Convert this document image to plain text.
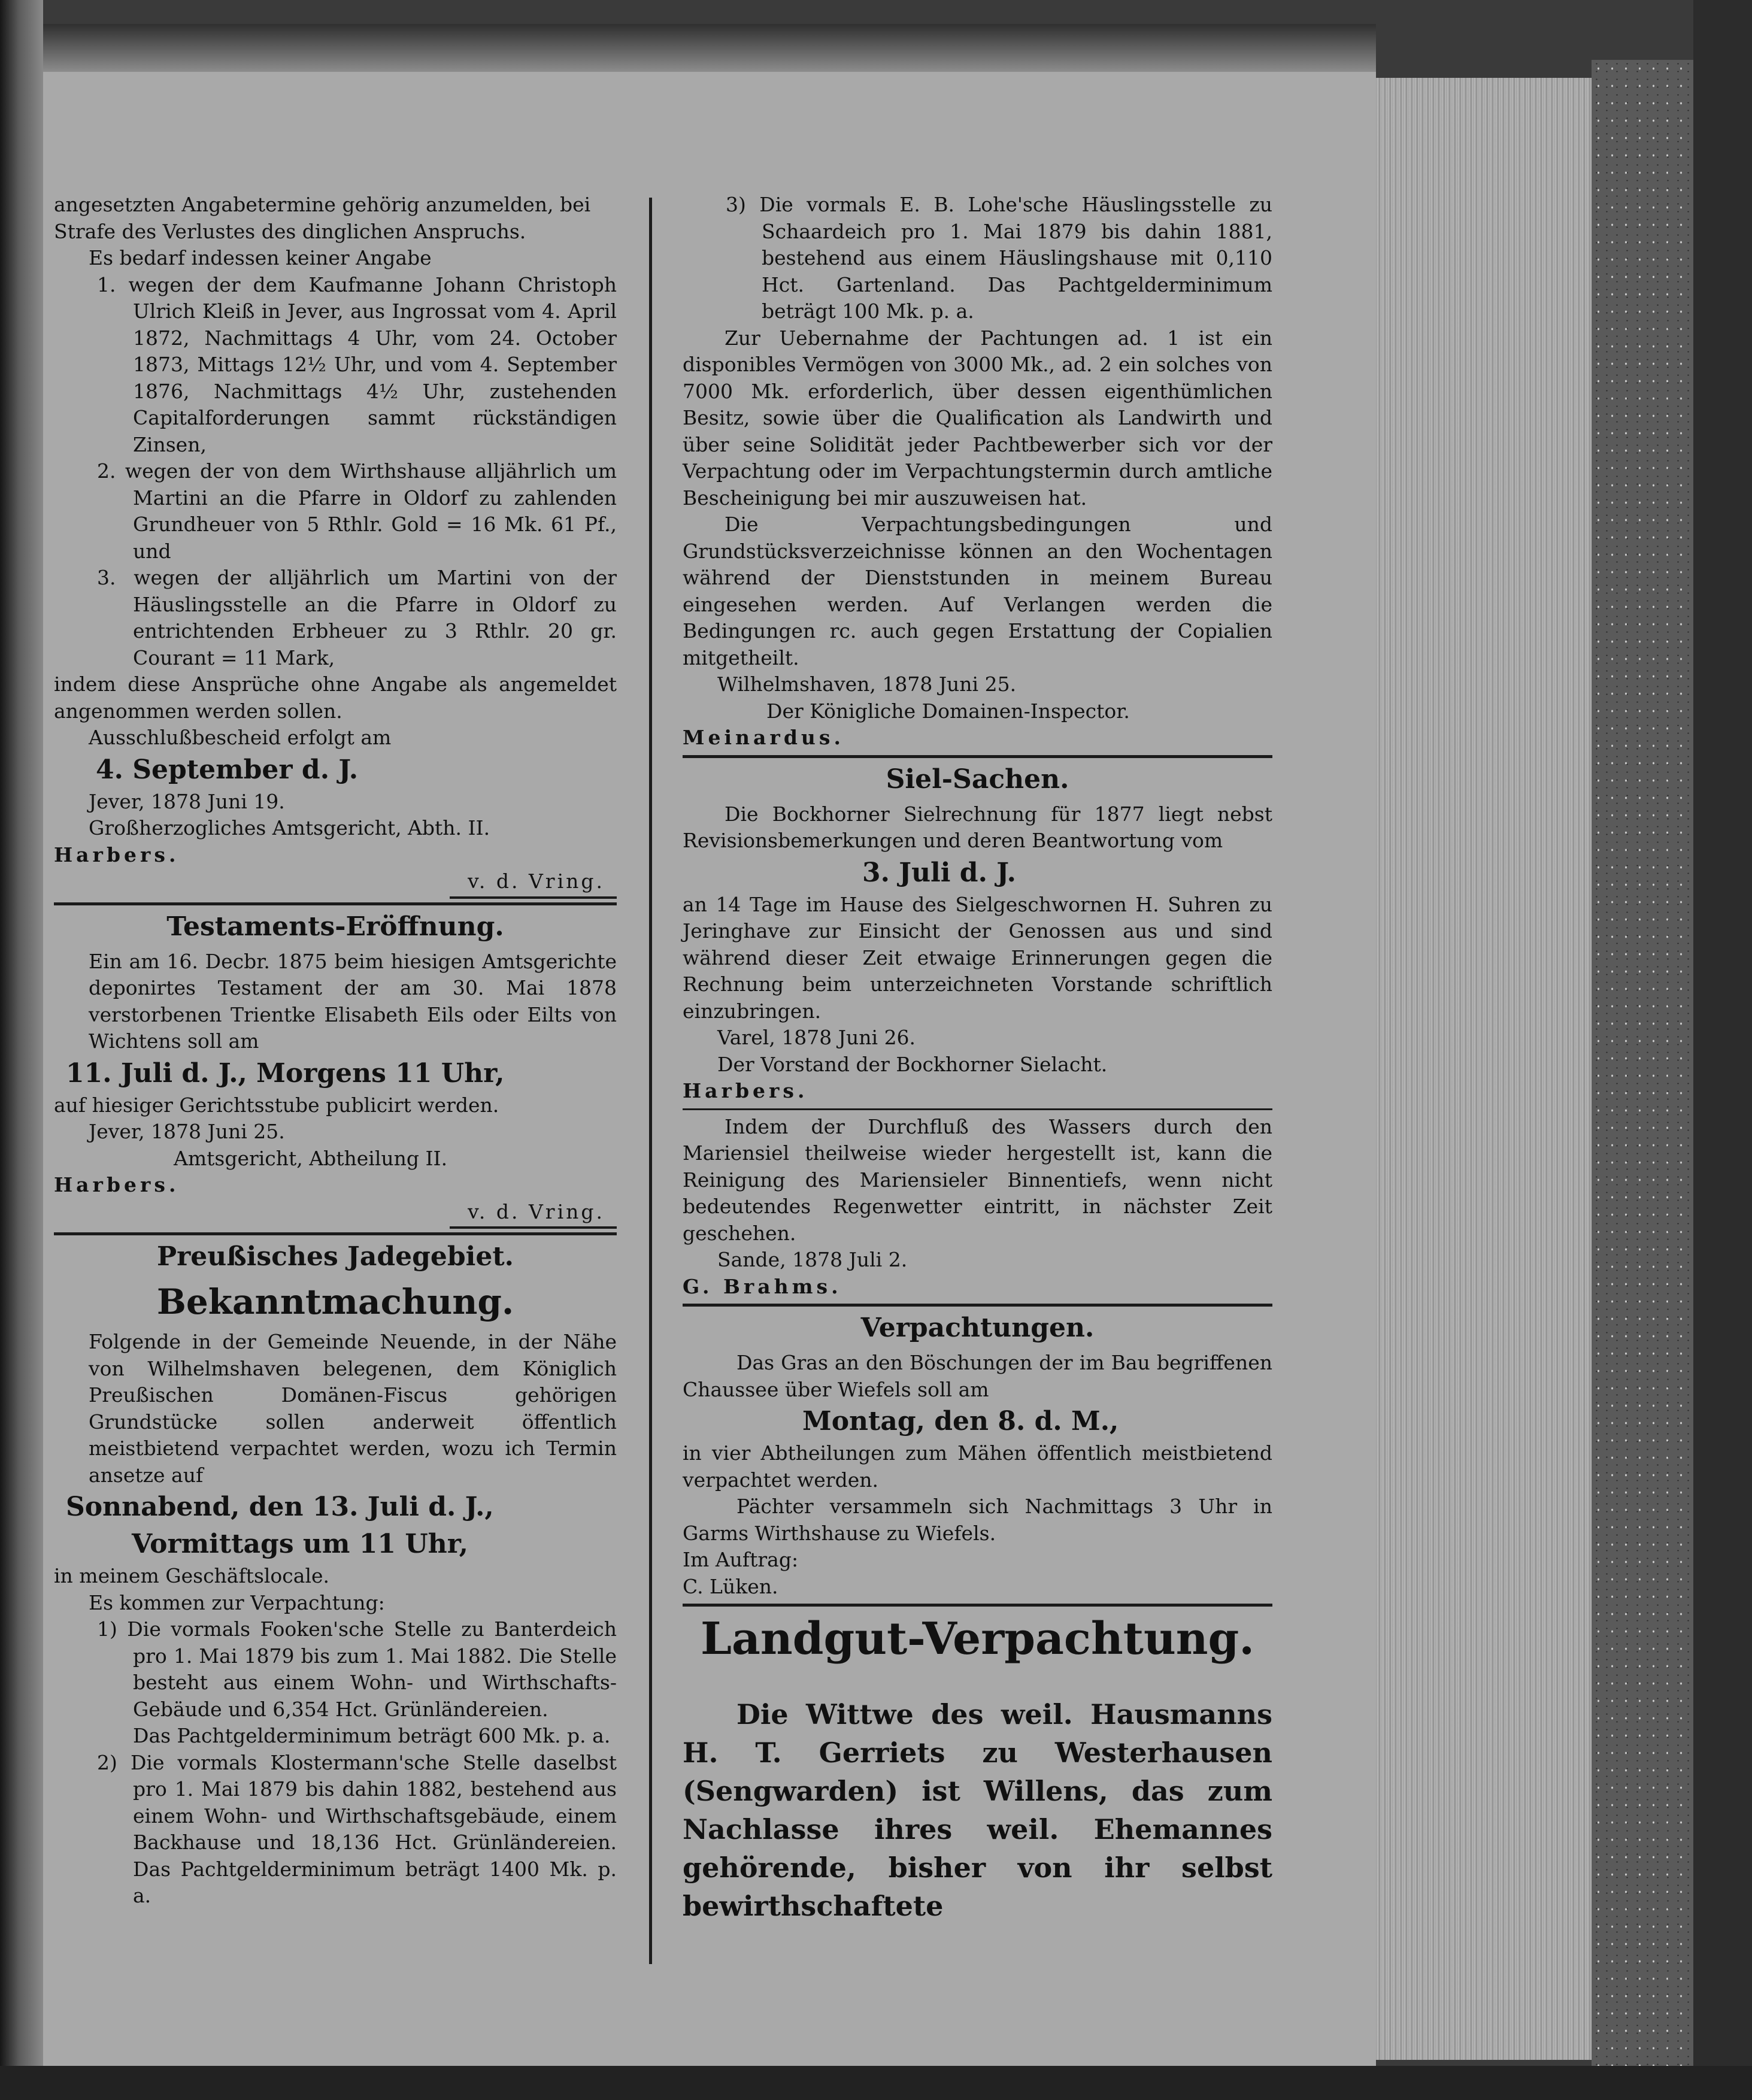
angesetzten Angabetermine gehörig anzumelden, bei

Strafe des Verlustes des dinglichen Anspruchs.

Es bedarf indessen keiner Angabe

1. wegen der dem Kaufmanne Johann Christoph Ulrich Kleiß in Jever, aus Ingrossat vom 4. April 1872, Nachmittags 4 Uhr, vom 24. October 1873, Mittags 12½ Uhr, und vom 4. September 1876, Nachmittags 4½ Uhr, zustehenden Capitalforderungen sammt rückständigen Zinsen,

2. wegen der von dem Wirthshause alljährlich um Martini an die Pfarre in Oldorf zu zahlenden Grundheuer von 5 Rthlr. Gold = 16 Mk. 61 Pf., und

3. wegen der alljährlich um Martini von der Häuslingsstelle an die Pfarre in Oldorf zu entrichtenden Erbheuer zu 3 Rthlr. 20 gr. Courant = 11 Mark,

indem diese Ansprüche ohne Angabe als angemeldet angenommen werden sollen.

Ausschlußbescheid erfolgt am

4. September d. J.

Jever, 1878 Juni 19.

Großherzogliches Amtsgericht, Abth. II.

Harbers.

v. d. Vring.
Testaments-Eröffnung.

Ein am 16. Decbr. 1875 beim hiesigen Amtsgerichte deponirtes Testament der am 30. Mai 1878 verstorbenen Trientke Elisabeth Eils oder Eilts von Wichtens soll am

11. Juli d. J., Morgens 11 Uhr,

auf hiesiger Gerichtsstube publicirt werden.

Jever, 1878 Juni 25.

Amtsgericht, Abtheilung II.

Harbers.

v. d. Vring.
Preußisches Jadegebiet.
Bekanntmachung.

Folgende in der Gemeinde Neuende, in der Nähe von Wilhelmshaven belegenen, dem Königlich Preußischen Domänen-Fiscus gehörigen Grundstücke sollen anderweit öffentlich meistbietend verpachtet werden, wozu ich Termin ansetze auf

Sonnabend, den 13. Juli d. J.,
Vormittags um 11 Uhr,

in meinem Geschäftslocale.

Es kommen zur Verpachtung:

1) Die vormals Fooken'sche Stelle zu Banterdeich pro 1. Mai 1879 bis zum 1. Mai 1882. Die Stelle besteht aus einem Wohn- und Wirthschafts-Gebäude und 6,354 Hct. Grünländereien.

Das Pachtgelderminimum beträgt 600 Mk. p. a.

2) Die vormals Klostermann'sche Stelle daselbst pro 1. Mai 1879 bis dahin 1882, bestehend aus einem Wohn- und Wirthschaftsgebäude, einem Backhause und 18,136 Hct. Grünländereien. Das Pachtgelderminimum beträgt 1400 Mk. p. a.

3) Die vormals E. B. Lohe'sche Häuslingsstelle zu Schaardeich pro 1. Mai 1879 bis dahin 1881, bestehend aus einem Häuslingshause mit 0,110 Hct. Gartenland. Das Pachtgelderminimum beträgt 100 Mk. p. a.

Zur Uebernahme der Pachtungen ad. 1 ist ein disponibles Vermögen von 3000 Mk., ad. 2 ein solches von 7000 Mk. erforderlich, über dessen eigenthümlichen Besitz, sowie über die Qualification als Landwirth und über seine Solidität jeder Pachtbewerber sich vor der Verpachtung oder im Verpachtungstermin durch amtliche Bescheinigung bei mir auszuweisen hat.

Die Verpachtungsbedingungen und Grundstücksverzeichnisse können an den Wochentagen während der Dienststunden in meinem Bureau eingesehen werden. Auf Verlangen werden die Bedingungen rc. auch gegen Erstattung der Copialien mitgetheilt.

Wilhelmshaven, 1878 Juni 25.

Der Königliche Domainen-Inspector.

Meinardus.

Siel-Sachen.

Die Bockhorner Sielrechnung für 1877 liegt nebst Revisionsbemerkungen und deren Beantwortung vom

3. Juli d. J.

an 14 Tage im Hause des Sielgeschwornen H. Suhren zu Jeringhave zur Einsicht der Genossen aus und sind während dieser Zeit etwaige Erinnerungen gegen die Rechnung beim unterzeichneten Vorstande schriftlich einzubringen.

Varel, 1878 Juni 26.

Der Vorstand der Bockhorner Sielacht.

Harbers.

Indem der Durchfluß des Wassers durch den Mariensiel theilweise wieder hergestellt ist, kann die Reinigung des Mariensieler Binnentiefs, wenn nicht bedeutendes Regenwetter eintritt, in nächster Zeit geschehen.

Sande, 1878 Juli 2.

G. Brahms.

Verpachtungen.

Das Gras an den Böschungen der im Bau begriffenen Chaussee über Wiefels soll am

Montag, den 8. d. M.,

in vier Abtheilungen zum Mähen öffentlich meistbietend verpachtet werden.

Pächter versammeln sich Nachmittags 3 Uhr in Garms Wirthshause zu Wiefels.

Im Auftrag:

C. Lüken.

Landgut-Verpachtung.

Die Wittwe des weil. Hausmanns H. T. Gerriets zu Westerhausen (Sengwarden) ist Willens, das zum Nachlasse ihres weil. Ehemannes gehörende, bisher von ihr selbst bewirthschaftete
